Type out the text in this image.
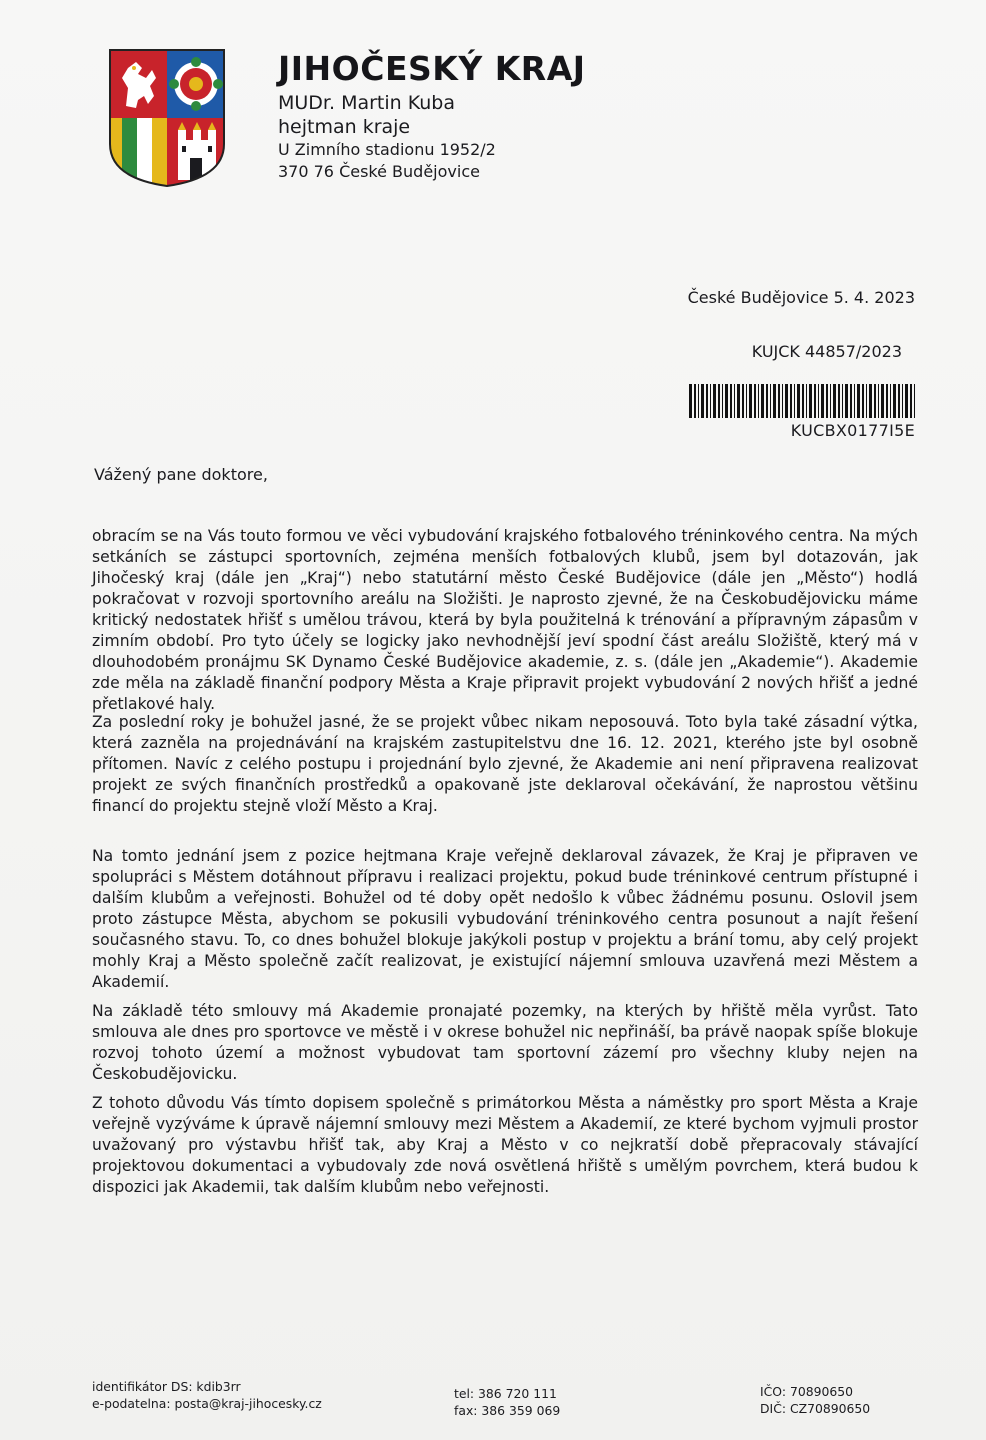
JIHOČESKÝ KRAJ
MUDr. Martin Kuba
hejtman kraje
U Zimního stadionu 1952/2
370 76 České Budějovice
České Budějovice 5. 4. 2023
KUJCK 44857/2023
KUCBX0177I5E
Vážený pane doktore,
obracím se na Vás touto formou ve věci vybudování krajského fotbalového tréninkového centra. Na mých setkáních se zástupci sportovních, zejména menších fotbalových klubů, jsem byl dotazován, jak Jihočeský kraj (dále jen „Kraj“) nebo statutární město České Budějovice (dále jen „Město“) hodlá pokračovat v rozvoji sportovního areálu na Složišti. Je naprosto zjevné, že na Českobudějovicku máme kritický nedostatek hřišť s umělou trávou, která by byla použitelná k trénování a přípravným zápasům v zimním období. Pro tyto účely se logicky jako nevhodnější jeví spodní část areálu Složiště, který má v dlouhodobém pronájmu SK Dynamo České Budějovice akademie, z. s. (dále jen „Akademie“). Akademie zde měla na základě finanční podpory Města a Kraje připravit projekt vybudování 2 nových hřišť a jedné přetlakové haly.
Za poslední roky je bohužel jasné, že se projekt vůbec nikam neposouvá. Toto byla také zásadní výtka, která zazněla na projednávání na krajském zastupitelstvu dne 16. 12. 2021, kterého jste byl osobně přítomen. Navíc z celého postupu i projednání bylo zjevné, že Akademie ani není připravena realizovat projekt ze svých finančních prostředků a opakovaně jste deklaroval očekávání, že naprostou většinu financí do projektu stejně vloží Město a Kraj.
Na tomto jednání jsem z pozice hejtmana Kraje veřejně deklaroval závazek, že Kraj je připraven ve spolupráci s Městem dotáhnout přípravu i realizaci projektu, pokud bude tréninkové centrum přístupné i dalším klubům a veřejnosti. Bohužel od té doby opět nedošlo k vůbec žádnému posunu. Oslovil jsem proto zástupce Města, abychom se pokusili vybudování tréninkového centra posunout a najít řešení současného stavu. To, co dnes bohužel blokuje jakýkoli postup v projektu a brání tomu, aby celý projekt mohly Kraj a Město společně začít realizovat, je existující nájemní smlouva uzavřená mezi Městem a Akademií.
Na základě této smlouvy má Akademie pronajaté pozemky, na kterých by hřiště měla vyrůst. Tato smlouva ale dnes pro sportovce ve městě i v okrese bohužel nic nepřináší, ba právě naopak spíše blokuje rozvoj tohoto území a možnost vybudovat tam sportovní zázemí pro všechny kluby nejen na Českobudějovicku.
Z tohoto důvodu Vás tímto dopisem společně s primátorkou Města a náměstky pro sport Města a Kraje veřejně vyzýváme k úpravě nájemní smlouvy mezi Městem a Akademií, ze které bychom vyjmuli prostor uvažovaný pro výstavbu hřišť tak, aby Kraj a Město v co nejkratší době přepracovaly stávající projektovou dokumentaci a vybudovaly zde nová osvětlená hřiště s umělým povrchem, která budou k dispozici jak Akademii, tak dalším klubům nebo veřejnosti.
identifikátor DS: kdib3rr
e-podatelna: posta@kraj-jihocesky.cz
tel: 386 720 111
fax: 386 359 069
IČO: 70890650
DIČ: CZ70890650
